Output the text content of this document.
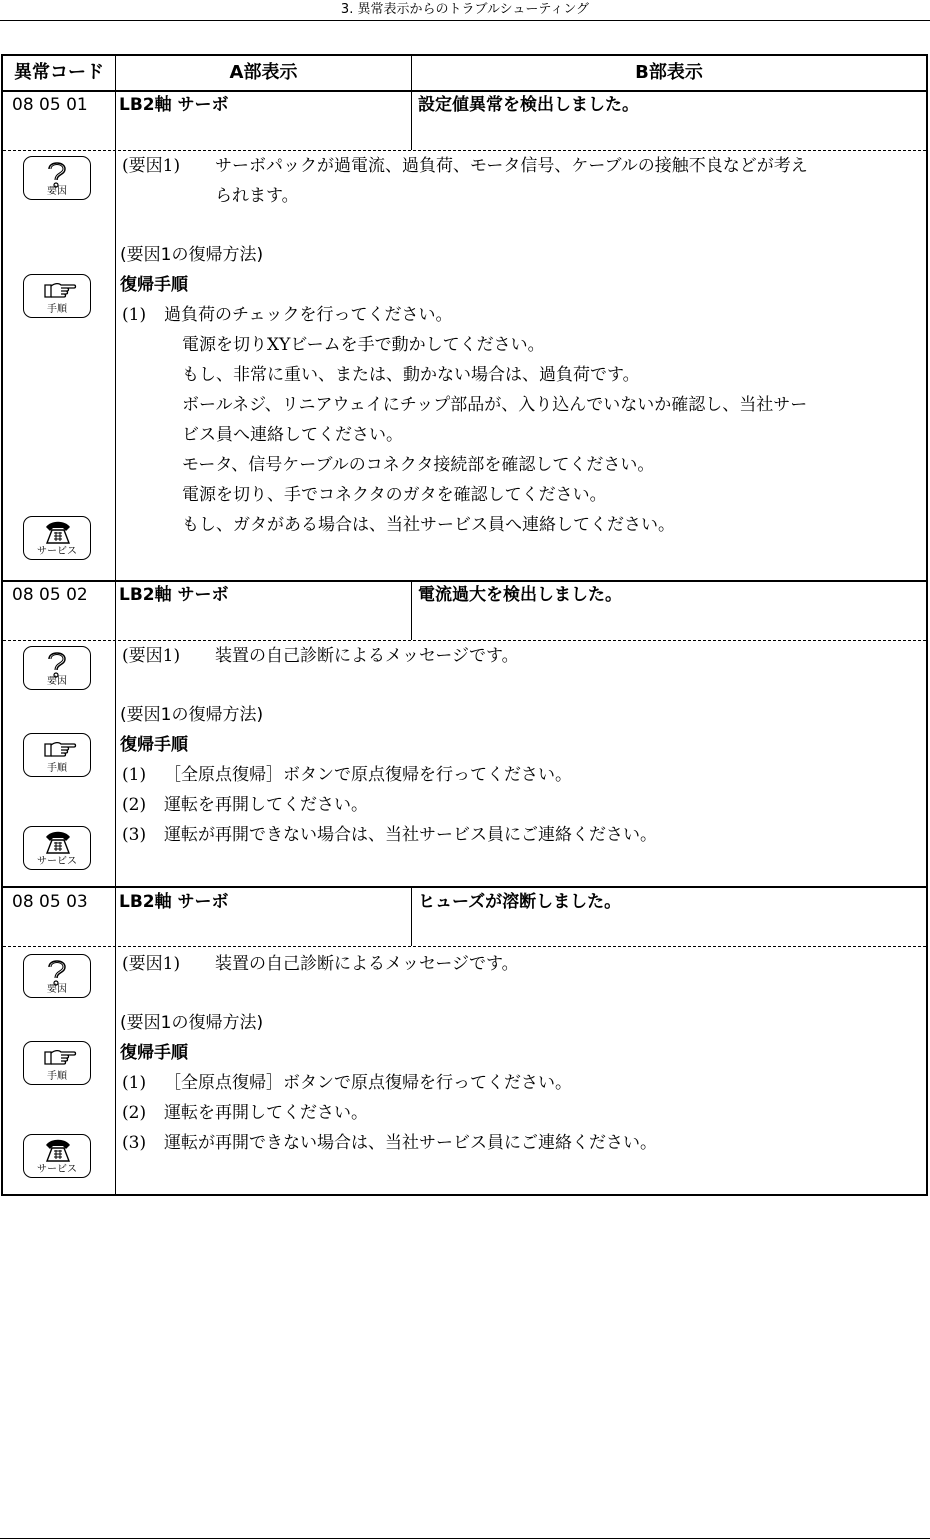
3. 異常表示からのトラブルシューティング
異常コード	A部表示	B部表示
08 05 01 LB2軸 サーボ	設定値異常を検出しました。
要因
手順
サービス
(要因1) サーボパックが過電流、過負荷、モータ信号、ケーブルの接触不良などが考え
られます。
(要因1の復帰方法)
復帰手順
(1) 過負荷のチェックを行ってください。
電源を切りXYビームを手で動かしてください。
もし、非常に重い、または、動かない場合は、過負荷です。
ボールネジ、リニアウェイにチップ部品が、入り込んでいないか確認し、当社サー
ビス員へ連絡してください。
モータ、信号ケーブルのコネクタ接続部を確認してください。
電源を切り、手でコネクタのガタを確認してください。
もし、ガタがある場合は、当社サービス員へ連絡してください。
08 05 02 LB2軸 サーボ	電流過大を検出しました。
要因
手順
サービス
(要因1) 装置の自己診断によるメッセージです。
(要因1の復帰方法)
復帰手順
(1) ［全原点復帰］ボタンで原点復帰を行ってください。
(2) 運転を再開してください。
(3) 運転が再開できない場合は、当社サービス員にご連絡ください。
08 05 03 LB2軸 サーボ	ヒューズが溶断しました。
要因
手順
サービス
(要因1) 装置の自己診断によるメッセージです。
(要因1の復帰方法)
復帰手順
(1) ［全原点復帰］ボタンで原点復帰を行ってください。
(2) 運転を再開してください。
(3) 運転が再開できない場合は、当社サービス員にご連絡ください。
